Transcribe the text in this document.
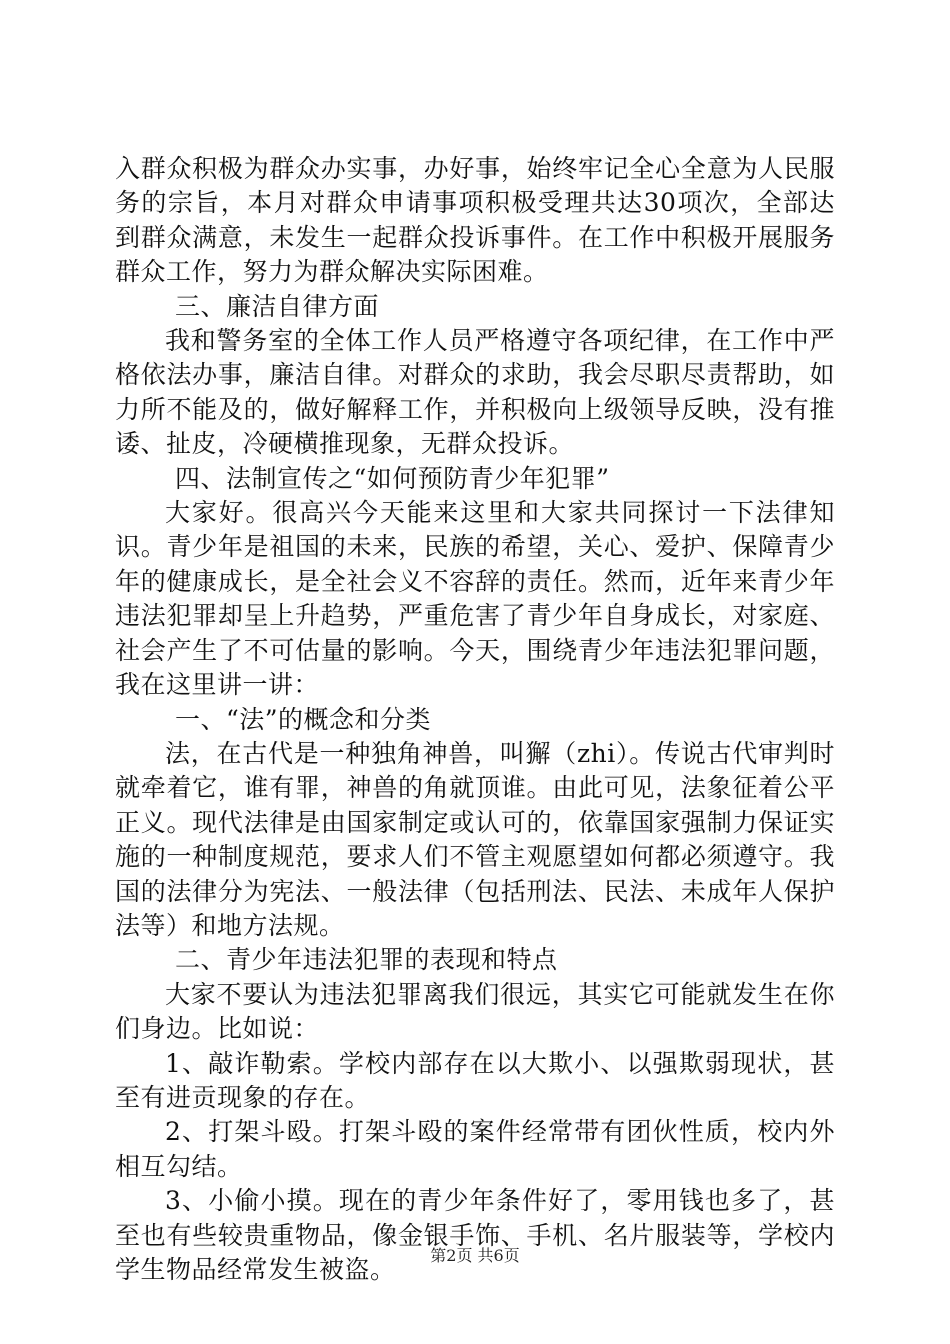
入群众积极为群众办实事，办好事，始终牢记全心全意为人民服务的宗旨，本月对群众申请事项积极受理共达30项次，全部达到群众满意，未发生一起群众投诉事件。在工作中积极开展服务群众工作，努力为群众解决实际困难。

三、廉洁自律方面

我和警务室的全体工作人员严格遵守各项纪律，在工作中严格依法办事，廉洁自律。对群众的求助，我会尽职尽责帮助，如力所不能及的，做好解释工作，并积极向上级领导反映，没有推诿、扯皮，冷硬横推现象，无群众投诉。

四、法制宣传之“如何预防青少年犯罪”

大家好。很高兴今天能来这里和大家共同探讨一下法律知识。青少年是祖国的未来，民族的希望，关心、爱护、保障青少年的健康成长，是全社会义不容辞的责任。然而，近年来青少年违法犯罪却呈上升趋势，严重危害了青少年自身成长，对家庭、社会产生了不可估量的影响。今天，围绕青少年违法犯罪问题，我在这里讲一讲：

一、“法”的概念和分类

法，在古代是一种独角神兽，叫獬（zhi）。传说古代审判时就牵着它，谁有罪，神兽的角就顶谁。由此可见，法象征着公平正义。现代法律是由国家制定或认可的，依靠国家强制力保证实施的一种制度规范，要求人们不管主观愿望如何都必须遵守。我国的法律分为宪法、一般法律（包括刑法、民法、未成年人保护法等）和地方法规。

二、青少年违法犯罪的表现和特点

大家不要认为违法犯罪离我们很远，其实它可能就发生在你们身边。比如说：

1、敲诈勒索。学校内部存在以大欺小、以强欺弱现状，甚至有进贡现象的存在。

2、打架斗殴。打架斗殴的案件经常带有团伙性质，校内外相互勾结。

3、小偷小摸。现在的青少年条件好了，零用钱也多了，甚至也有些较贵重物品，像金银手饰、手机、名片服装等，学校内学生物品经常发生被盗。	第2页 共6页
